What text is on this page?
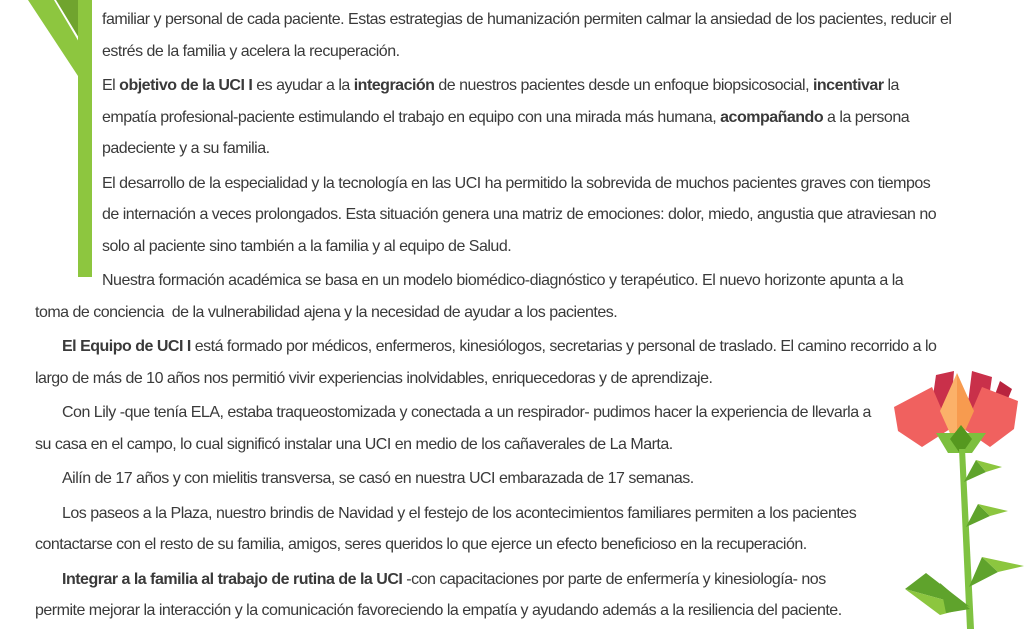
familiar y personal de cada paciente. Estas estrategias de humanización permiten calmar la ansiedad de los pacientes, reducir el
estrés de la familia y acelera la recuperación.

El objetivo de la UCI I es ayudar a la integración de nuestros pacientes desde un enfoque biopsicosocial, incentivar la
empatía profesional-paciente estimulando el trabajo en equipo con una mirada más humana, acompañando a la persona
padeciente y a su familia.

El desarrollo de la especialidad y la tecnología en las UCI ha permitido la sobrevida de muchos pacientes graves con tiempos
de internación a veces prolongados. Esta situación genera una matriz de emociones: dolor, miedo, angustia que atraviesan no
solo al paciente sino también a la familia y al equipo de Salud.

Nuestra formación académica se basa en un modelo biomédico-diagnóstico y terapéutico. El nuevo horizonte apunta a la
toma de conciencia  de la vulnerabilidad ajena y la necesidad de ayudar a los pacientes.

El Equipo de UCI I está formado por médicos, enfermeros, kinesiólogos, secretarias y personal de traslado. El camino recorrido a lo
largo de más de 10 años nos permitió vivir experiencias inolvidables, enriquecedoras y de aprendizaje.

Con Lily -que tenía ELA, estaba traqueostomizada y conectada a un respirador- pudimos hacer la experiencia de llevarla a
su casa en el campo, lo cual significó instalar una UCI en medio de los cañaverales de La Marta.

Ailín de 17 años y con mielitis transversa, se casó en nuestra UCI embarazada de 17 semanas.

Los paseos a la Plaza, nuestro brindis de Navidad y el festejo de los acontecimientos familiares permiten a los pacientes
contactarse con el resto de su familia, amigos, seres queridos lo que ejerce un efecto beneficioso en la recuperación.

Integrar a la familia al trabajo de rutina de la UCI -con capacitaciones por parte de enfermería y kinesiología- nos
permite mejorar la interacción y la comunicación favoreciendo la empatía y ayudando además a la resiliencia del paciente.
